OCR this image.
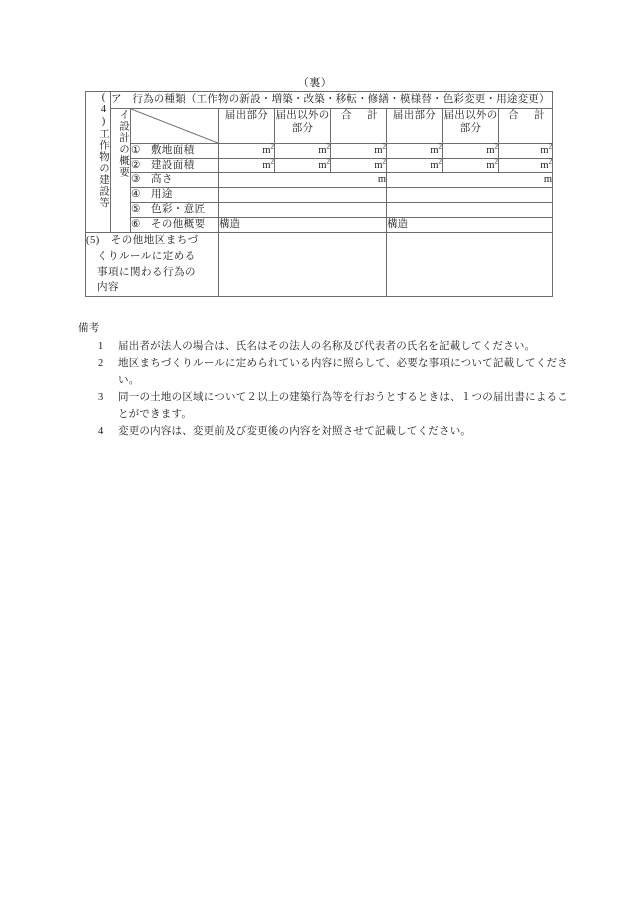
（裏）
(4)工作物の建設等	ア　行為の種類（工作物の新設・増築・改築・移転・修繕・模様替・色彩変更・用途変更）							
	イ設計の概要		届出部分	届出以外の部分	合　計	届出部分	届出以外の部分	合　計
		① 敷地面積	$m^2$	$m^2$	$m^2$	$m^2$	$m^2$	$m^2$
		② 建設面積	$m^2$	$m^2$	$m^2$	$m^2$	$m^2$	$m^2$
		③ 高さ	m			m		
		④ 用途						
		⑤ 色彩・意匠						
		⑥ その他概要	構造			構造		

(5)　その他地区まちづ
くりルールに定める
事項に関わる行為の
内容								

備考
1	届出者が法人の場合は、氏名はその法人の名称及び代表者の氏名を記載してください。
2	地区まちづくりルールに定められている内容に照らして、必要な事項について記載してください。
3	同一の土地の区域について２以上の建築行為等を行おうとするときは、１つの届出書によることができます。
4	変更の内容は、変更前及び変更後の内容を対照させて記載してください。
